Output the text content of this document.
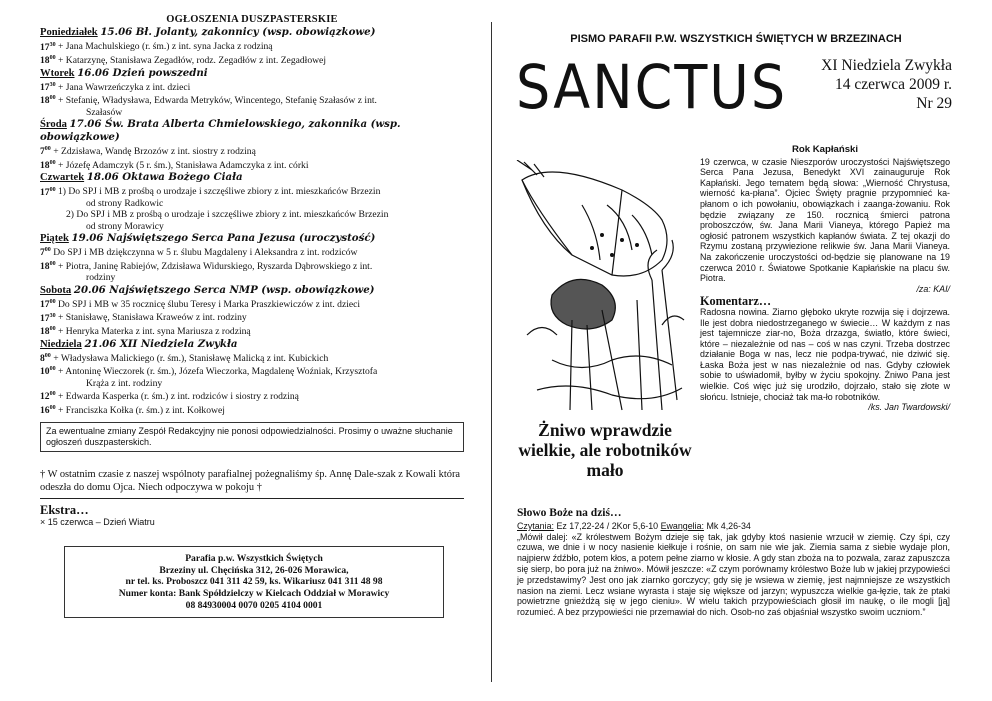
OGŁOSZENIA DUSZPASTERSKIE
Poniedziałek 15.06 Bł. Jolanty, zakonnicy (wsp. obowiązkowe)
$17^{30}$ + Jana Machulskiego (r. śm.) z int. syna Jacka z rodziną
$18^{00}$ + Katarzynę, Stanisława Zegadłów, rodz. Zegadłów z int. Zegadłowej
Wtorek 16.06 Dzień powszedni
$17^{30}$ + Jana Wawrzeńczyka z int. dzieci
$18^{00}$ + Stefanię, Władysława, Edwarda Metryków, Wincentego, Stefanię Szałasów z int.
Szałasów
Środa 17.06 Św. Brata Alberta Chmielowskiego, zakonnika (wsp. obowiązkowe)
$7^{00}$ + Zdzisława, Wandę Brzozów z int. siostry z rodziną
$18^{00}$ + Józefę Adamczyk (5 r. śm.), Stanisława Adamczyka z int. córki
Czwartek 18.06 Oktawa Bożego Ciała
$17^{00}$ 1) Do SPJ i MB z prośbą o urodzaje i szczęśliwe zbiory z int. mieszkańców Brzezin
od strony Radkowic
2) Do SPJ i MB z prośbą o urodzaje i szczęśliwe zbiory z int. mieszkańców Brzezin
od strony Morawicy
Piątek 19.06 Najświętszego Serca Pana Jezusa (uroczystość)
$7^{00}$ Do SPJ i MB dziękczynna w 5 r. ślubu Magdaleny i Aleksandra z int. rodziców
$18^{00}$ + Piotra, Janinę Rabiejów, Zdzisława Widurskiego, Ryszarda Dąbrowskiego z int.
rodziny
Sobota 20.06 Najświętszego Serca NMP (wsp. obowiązkowe)
$17^{00}$ Do SPJ i MB w 35 rocznicę ślubu Teresy i Marka Praszkiewiczów z int. dzieci
$17^{30}$ + Stanisławę, Stanisława Kraweów z int. rodziny
$18^{00}$ + Henryka Materka z int. syna Mariusza z rodziną
Niedziela 21.06 XII Niedziela Zwykła
$8^{00}$ + Władysława Malickiego (r. śm.), Stanisławę Malicką z int. Kubickich
$10^{00}$ + Antoninę Wieczorek (r. śm.), Józefa Wieczorka, Magdalenę Woźniak, Krzysztofa
Krąża z int. rodziny
$12^{00}$ + Edwarda Kasperka (r. śm.) z int. rodziców i siostry z rodziną
$16^{00}$ + Franciszka Kołka (r. śm.) z int. Kołkowej
Za ewentualne zmiany Zespół Redakcyjny nie ponosi odpowiedzialności. Prosimy o uważne słuchanie ogłoszeń duszpasterskich.
† W ostatnim czasie z naszej wspólnoty parafialnej pożegnaliśmy śp. Annę Dale-szak z Kowali która odeszła do domu Ojca. Niech odpoczywa w pokoju †
Ekstra…
× 15 czerwca – Dzień Wiatru
Parafia p.w. Wszystkich Świętych
Brzeziny ul. Chęcińska 312, 26-026 Morawica,
nr tel. ks. Proboszcz 041 311 42 59, ks. Wikariusz 041 311 48 98
Numer konta: Bank Spółdzielczy w Kielcach Oddział w Morawicy
08 84930004 0070 0205 4104 0001
PISMO PARAFII P.W. WSZYSTKICH ŚWIĘTYCH W BRZEZINACH
SANCTUS XI Niedziela Zwykła
14 czerwca 2009 r.
Nr 29
Żniwo wprawdzie wielkie, ale robotników mało
Rok Kapłański
19 czerwca, w czasie Nieszporów uroczystości Najświętszego Serca Pana Jezusa, Benedykt XVI zainauguruje Rok Kapłański. Jego tematem będą słowa: „Wierność Chrystusa, wierność ka-płana”. Ojciec Święty pragnie przypomnieć ka-płanom o ich powołaniu, obowiązkach i zaanga-żowaniu. Rok będzie związany ze 150. rocznicą śmierci patrona proboszczów, św. Jana Marii Vianeya, którego Papież ma ogłosić patronem wszystkich kapłanów świata. Z tej okazji do Rzymu zostaną przywiezione relikwie św. Jana Marii Vianeya. Na zakończenie uroczystości od-będzie się planowane na 19 czerwca 2010 r. Światowe Spotkanie Kapłańskie na placu św. Piotra.
/za: KAI/
Komentarz…
Radosna nowina. Ziarno głęboko ukryte rozwija się i dojrzewa. Ile jest dobra niedostrzeganego w świecie… W każdym z nas jest tajemnicze ziar-no, Boża drzazga, światło, które świeci, które – niezależnie od nas – coś w nas czyni. Trzeba dostrzec działanie Boga w nas, lecz nie podpa-trywać, nie dziwić się. Łaska Boża jest w nas niezależnie od nas. Gdyby człowiek sobie to uświadomił, byłby w życiu spokojny. Żniwo Pana jest wielkie. Coś więc już się urodziło, dojrzało, stało się złote w słońcu. Istnieje, chociaż tak ma-ło robotników.
/ks. Jan Twardowski/
Słowo Boże na dziś…
Czytania: Ez 17,22-24 / 2Kor 5,6-10 Ewangelia: Mk 4,26-34
„Mówił dalej: «Z królestwem Bożym dzieje się tak, jak gdyby ktoś nasienie wrzucił w ziemię. Czy śpi, czy czuwa, we dnie i w nocy nasienie kiełkuje i rośnie, on sam nie wie jak. Ziemia sama z siebie wydaje plon, najpierw źdźbło, potem kłos, a potem pełne ziarno w kłosie. A gdy stan zboża na to pozwala, zaraz zapuszcza się sierp, bo pora już na żniwo». Mówił jeszcze: «Z czym porównamy królestwo Boże lub w jakiej przypowieści je przedstawimy? Jest ono jak ziarnko gorczycy; gdy się je wsiewa w ziemię, jest najmniejsze ze wszystkich nasion na ziemi. Lecz wsiane wyrasta i staje się większe od jarzyn; wypuszcza wielkie ga-łęzie, tak że ptaki powietrzne gnieżdżą się w jego cieniu». W wielu takich przypowieściach głosił im naukę, o ile mogli [ją] rozumieć. A bez przypowieści nie przemawiał do nich. Osob-no zaś objaśniał wszystko swoim uczniom.”
